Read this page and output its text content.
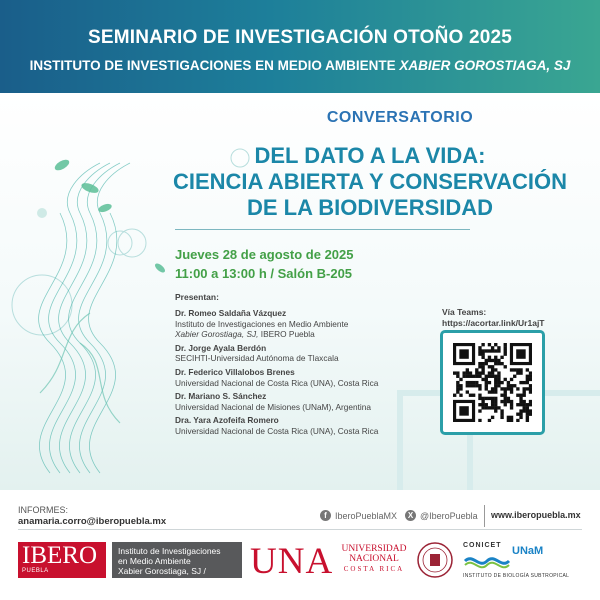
SEMINARIO DE INVESTIGACIÓN OTOÑO 2025
INSTITUTO DE INVESTIGACIONES EN MEDIO AMBIENTE XABIER GOROSTIAGA, SJ
CONVERSATORIO
DEL DATO A LA VIDA:
CIENCIA ABIERTA Y CONSERVACIÓN
DE LA BIODIVERSIDAD
Jueves 28 de agosto de 2025
11:00 a 13:00 h / Salón B-205
Presentan:
Dr. Romeo Saldaña Vázquez
Instituto de Investigaciones en Medio Ambiente
Xabier Gorostiaga, SJ, IBERO Puebla
Dr. Jorge Ayala Berdón
SECIHTI-Universidad Autónoma de Tlaxcala
Dr. Federico Villalobos Brenes
Universidad Nacional de Costa Rica (UNA), Costa Rica
Dr. Mariano S. Sánchez
Universidad Nacional de Misiones (UNaM), Argentina
Dra. Yara Azofeifa Romero
Universidad Nacional de Costa Rica (UNA), Costa Rica
Vía Teams:
https://acortar.link/Ur1ajT
INFORMES:
anamaria.corro@iberopuebla.mx
f IberoPueblaMX	X @IberoPuebla www.iberopuebla.mx
IBERO
PUEBLA
Instituto de Investigaciones
en Medio Ambiente
Xabier Gorostiaga, SJ /	UNA UNIVERSIDAD
NACIONAL
COSTA RICA
CONICET UNaM
INSTITUTO DE BIOLOGÍA SUBTROPICAL
